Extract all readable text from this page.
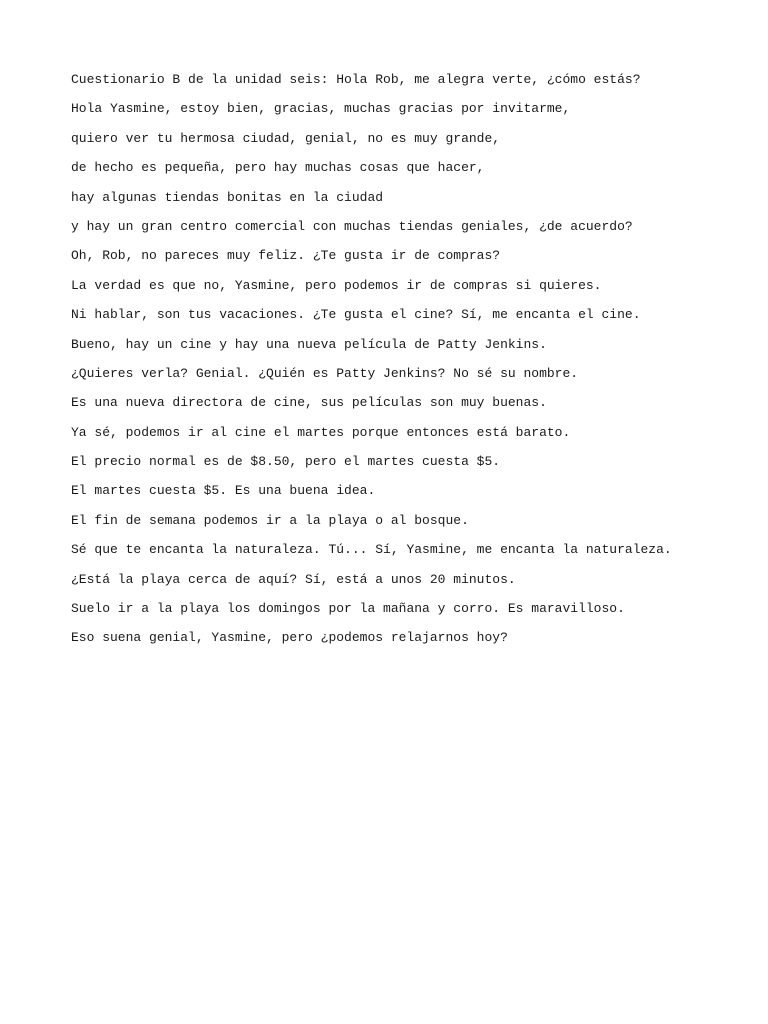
Cuestionario B de la unidad seis: Hola Rob, me alegra verte, ¿cómo estás?
Hola Yasmine, estoy bien, gracias, muchas gracias por invitarme,
quiero ver tu hermosa ciudad, genial, no es muy grande,
de hecho es pequeña, pero hay muchas cosas que hacer,
hay algunas tiendas bonitas en la ciudad
y hay un gran centro comercial con muchas tiendas geniales, ¿de acuerdo?
Oh, Rob, no pareces muy feliz. ¿Te gusta ir de compras?
La verdad es que no, Yasmine, pero podemos ir de compras si quieres.
Ni hablar, son tus vacaciones. ¿Te gusta el cine? Sí, me encanta el cine.
Bueno, hay un cine y hay una nueva película de Patty Jenkins.
¿Quieres verla? Genial. ¿Quién es Patty Jenkins? No sé su nombre.
Es una nueva directora de cine, sus películas son muy buenas.
Ya sé, podemos ir al cine el martes porque entonces está barato.
El precio normal es de $8.50, pero el martes cuesta $5.
El martes cuesta $5. Es una buena idea.
El fin de semana podemos ir a la playa o al bosque.
Sé que te encanta la naturaleza. Tú... Sí, Yasmine, me encanta la naturaleza.
¿Está la playa cerca de aquí? Sí, está a unos 20 minutos.
Suelo ir a la playa los domingos por la mañana y corro. Es maravilloso.
Eso suena genial, Yasmine, pero ¿podemos relajarnos hoy?
